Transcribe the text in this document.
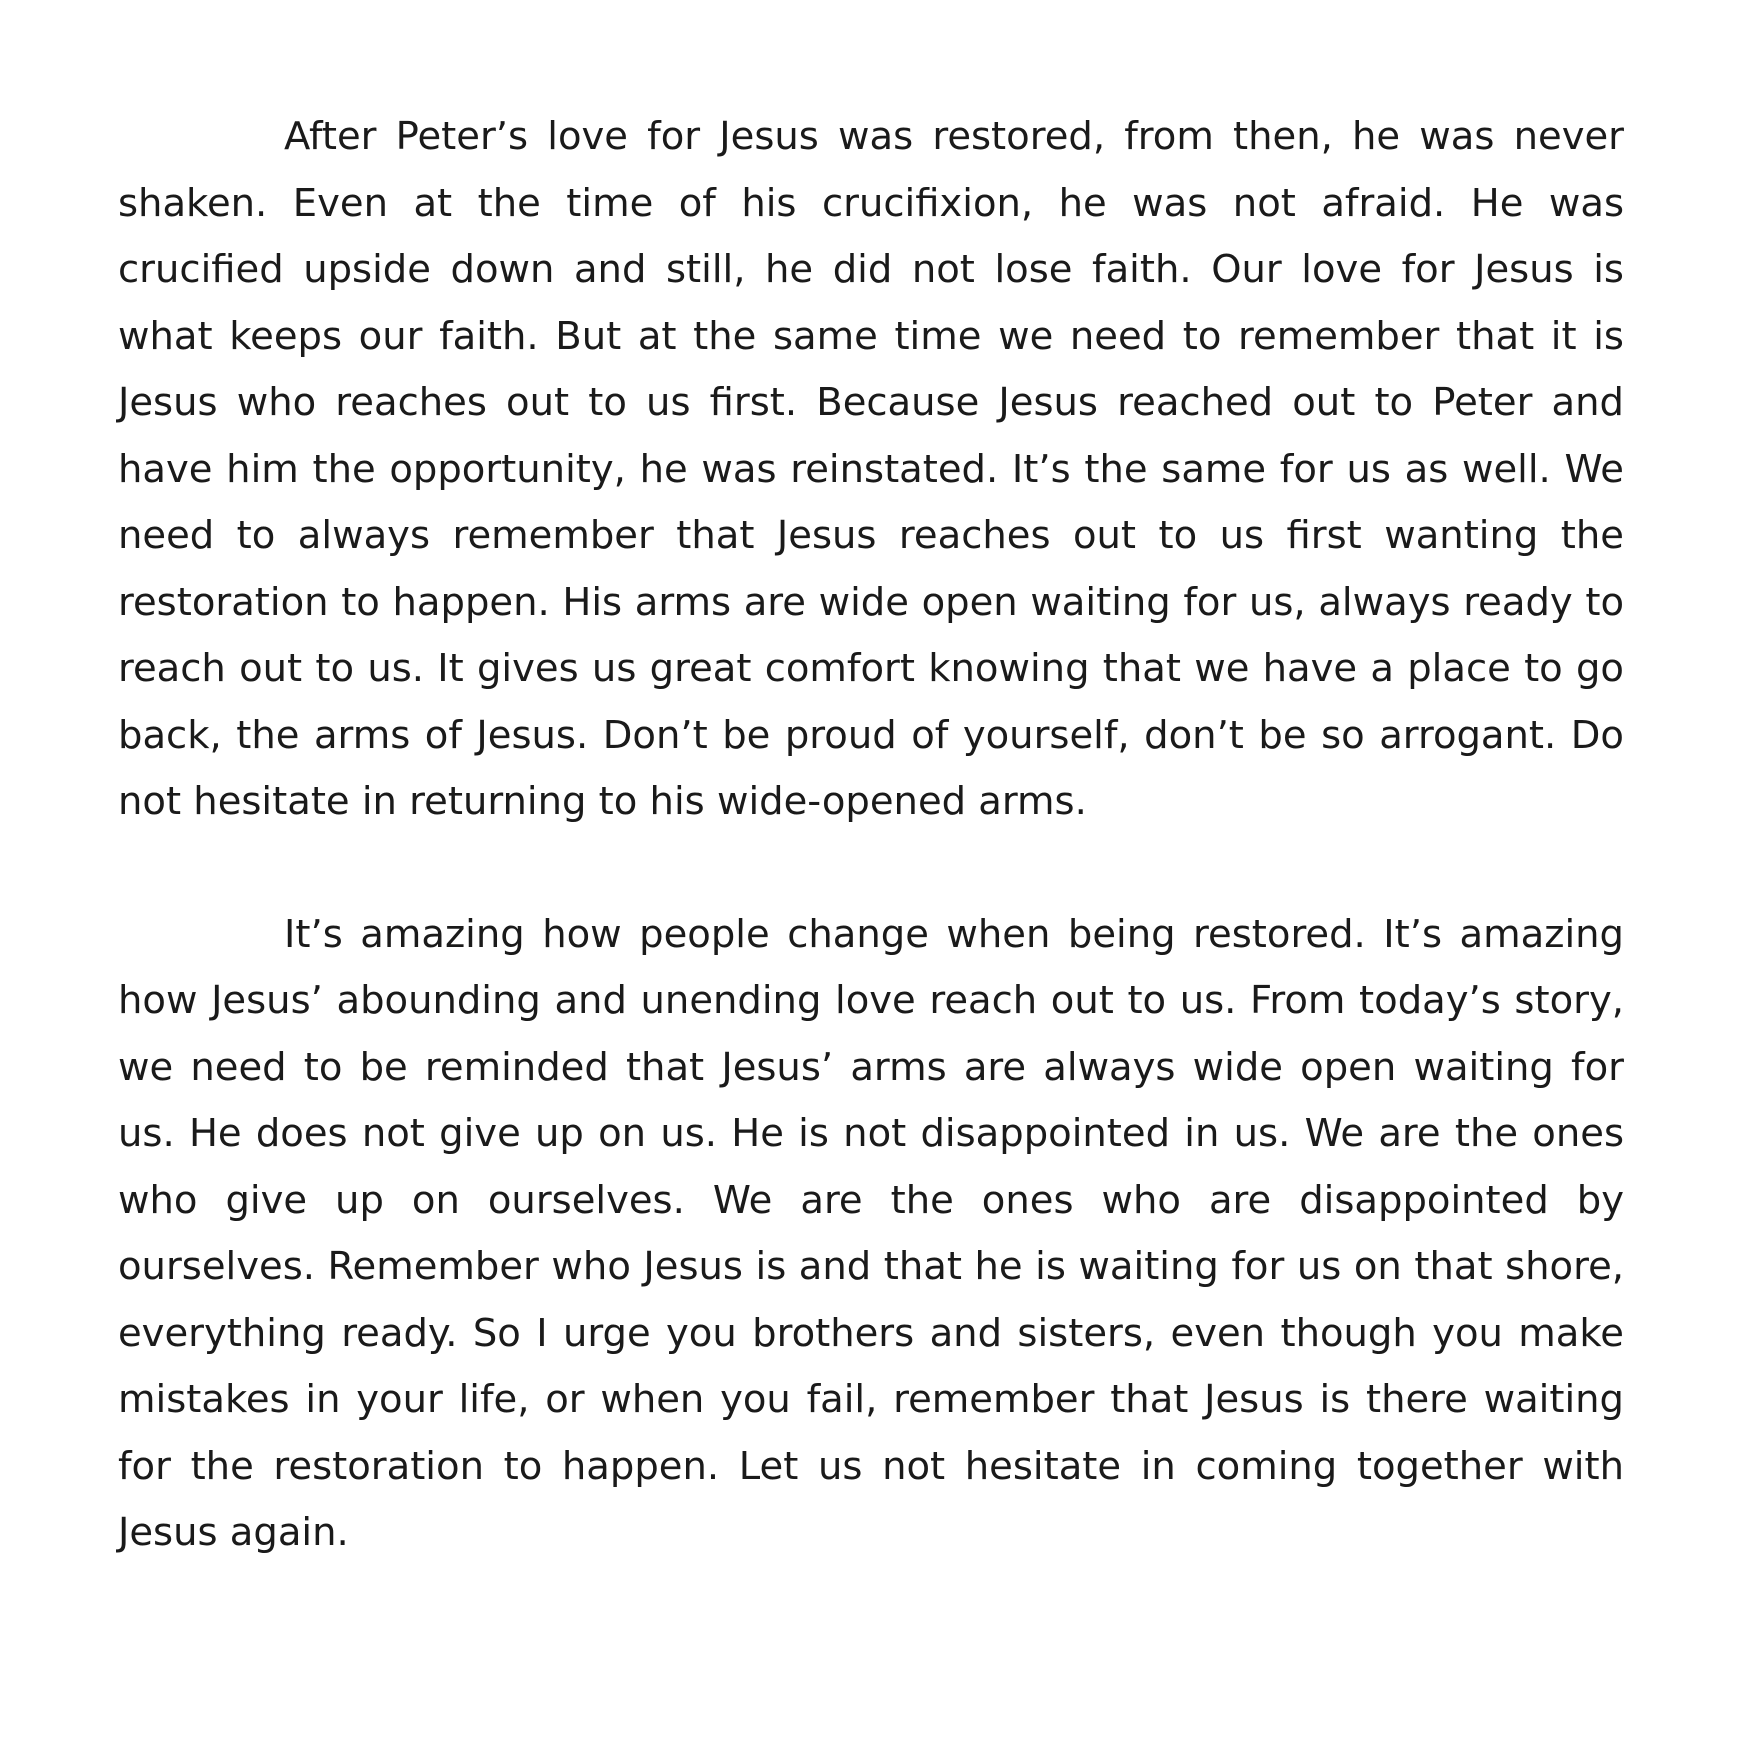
After Peter’s love for Jesus was restored, from then, he was never shaken. Even at the time of his crucifixion, he was not afraid. He was crucified upside down and still, he did not lose faith. Our love for Jesus is what keeps our faith. But at the same time we need to remember that it is Jesus who reaches out to us first. Because Jesus reached out to Peter and have him the opportunity, he was reinstated. It’s the same for us as well. We need to always remember that Jesus reaches out to us first wanting the restoration to happen. His arms are wide open waiting for us, always ready to reach out to us. It gives us great comfort knowing that we have a place to go back, the arms of Jesus. Don’t be proud of yourself, don’t be so arrogant. Do not hesitate in returning to his wide-opened arms.

It’s amazing how people change when being restored. It’s amazing how Jesus’ abounding and unending love reach out to us. From today’s story, we need to be reminded that Jesus’ arms are always wide open waiting for us. He does not give up on us. He is not disappointed in us. We are the ones who give up on ourselves. We are the ones who are disappointed by ourselves. Remember who Jesus is and that he is waiting for us on that shore, everything ready. So I urge you brothers and sisters, even though you make mistakes in your life, or when you fail, remember that Jesus is there waiting for the restoration to happen. Let us not hesitate in coming together with Jesus again.
